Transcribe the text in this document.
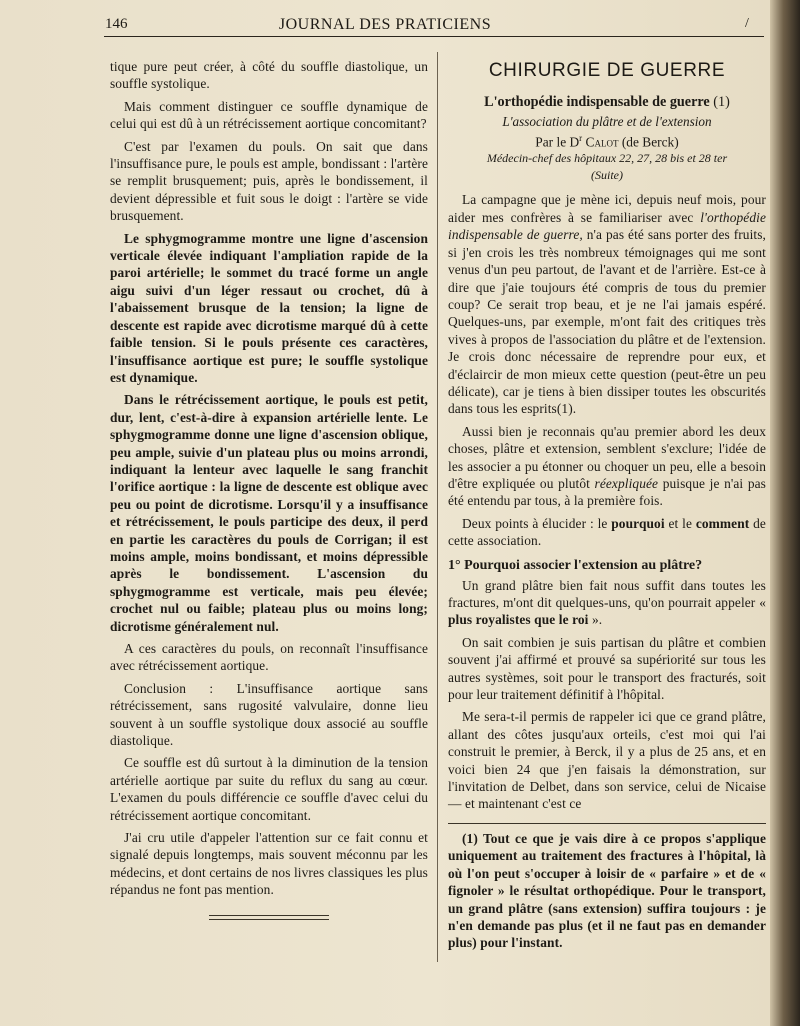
146	JOURNAL DES PRATICIENS	/

tique pure peut créer, à côté du souffle diastolique, un souffle systolique.

Mais comment distinguer ce souffle dynamique de celui qui est dû à un rétrécissement aortique concomitant?

C'est par l'examen du pouls. On sait que dans l'insuffisance pure, le pouls est ample, bondissant : l'artère se remplit brusquement; puis, après le bondissement, il devient dépressible et fuit sous le doigt : l'artère se vide brusquement.

Le sphygmogramme montre une ligne d'ascension verticale élevée indiquant l'ampliation rapide de la paroi artérielle; le sommet du tracé forme un angle aigu suivi d'un léger ressaut ou crochet, dû à l'abaissement brusque de la tension; la ligne de descente est rapide avec dicrotisme marqué dû à cette faible tension. Si le pouls présente ces caractères, l'insuffisance aortique est pure; le souffle systolique est dynamique.

Dans le rétrécissement aortique, le pouls est petit, dur, lent, c'est-à-dire à expansion artérielle lente. Le sphygmogramme donne une ligne d'ascension oblique, peu ample, suivie d'un plateau plus ou moins arrondi, indiquant la lenteur avec laquelle le sang franchit l'orifice aortique : la ligne de descente est oblique avec peu ou point de dicrotisme. Lorsqu'il y a insuffisance et rétrécissement, le pouls participe des deux, il perd en partie les caractères du pouls de Corrigan; il est moins ample, moins bondissant, et moins dépressible après le bondissement. L'ascension du sphygmogramme est verticale, mais peu élevée; crochet nul ou faible; plateau plus ou moins long; dicrotisme généralement nul.

A ces caractères du pouls, on reconnaît l'insuffisance avec rétrécissement aortique.

Conclusion : L'insuffisance aortique sans rétrécissement, sans rugosité valvulaire, donne lieu souvent à un souffle systolique doux associé au souffle diastolique.

Ce souffle est dû surtout à la diminution de la tension artérielle aortique par suite du reflux du sang au cœur. L'examen du pouls différencie ce souffle d'avec celui du rétrécissement aortique concomitant.

J'ai cru utile d'appeler l'attention sur ce fait connu et signalé depuis longtemps, mais souvent méconnu par les médecins, et dont certains de nos livres classiques les plus répandus ne font pas mention.

CHIRURGIE DE GUERRE
L'orthopédie indispensable de guerre (1)
L'association du plâtre et de l'extension
Par le $D^r$ Calot (de Berck)
Médecin-chef des hôpitaux 22, 27, 28 bis et 28 ter
(Suite)

La campagne que je mène ici, depuis neuf mois, pour aider mes confrères à se familiariser avec l'orthopédie indispensable de guerre, n'a pas été sans porter des fruits, si j'en crois les très nombreux témoignages qui me sont venus d'un peu partout, de l'avant et de l'arrière. Est-ce à dire que j'aie toujours été compris de tous du premier coup? Ce serait trop beau, et je ne l'ai jamais espéré. Quelques-uns, par exemple, m'ont fait des critiques très vives à propos de l'association du plâtre et de l'extension. Je crois donc nécessaire de reprendre pour eux, et d'éclaircir de mon mieux cette question (peut-être un peu délicate), car je tiens à bien dissiper toutes les obscurités dans tous les esprits(1).

Aussi bien je reconnais qu'au premier abord les deux choses, plâtre et extension, semblent s'exclure; l'idée de les associer a pu étonner ou choquer un peu, elle a besoin d'être expliquée ou plutôt réexpliquée puisque je n'ai pas été entendu par tous, à la première fois.

Deux points à élucider : le pourquoi et le comment de cette association.

1° Pourquoi associer l'extension au plâtre?

Un grand plâtre bien fait nous suffit dans toutes les fractures, m'ont dit quelques-uns, qu'on pourrait appeler « plus royalistes que le roi ».

On sait combien je suis partisan du plâtre et combien souvent j'ai affirmé et prouvé sa supériorité sur tous les autres systèmes, soit pour le transport des fracturés, soit pour leur traitement définitif à l'hôpital.

Me sera-t-il permis de rappeler ici que ce grand plâtre, allant des côtes jusqu'aux orteils, c'est moi qui l'ai construit le premier, à Berck, il y a plus de 25 ans, et en voici bien 24 que j'en faisais la démonstration, sur l'invitation de Delbet, dans son service, celui de Nicaise — et maintenant c'est ce

(1) Tout ce que je vais dire à ce propos s'applique uniquement au traitement des fractures à l'hôpital, là où l'on peut s'occuper à loisir de « parfaire » et de « fignoler » le résultat orthopédique. Pour le transport, un grand plâtre (sans extension) suffira toujours : je n'en demande pas plus (et il ne faut pas en demander plus) pour l'instant.
